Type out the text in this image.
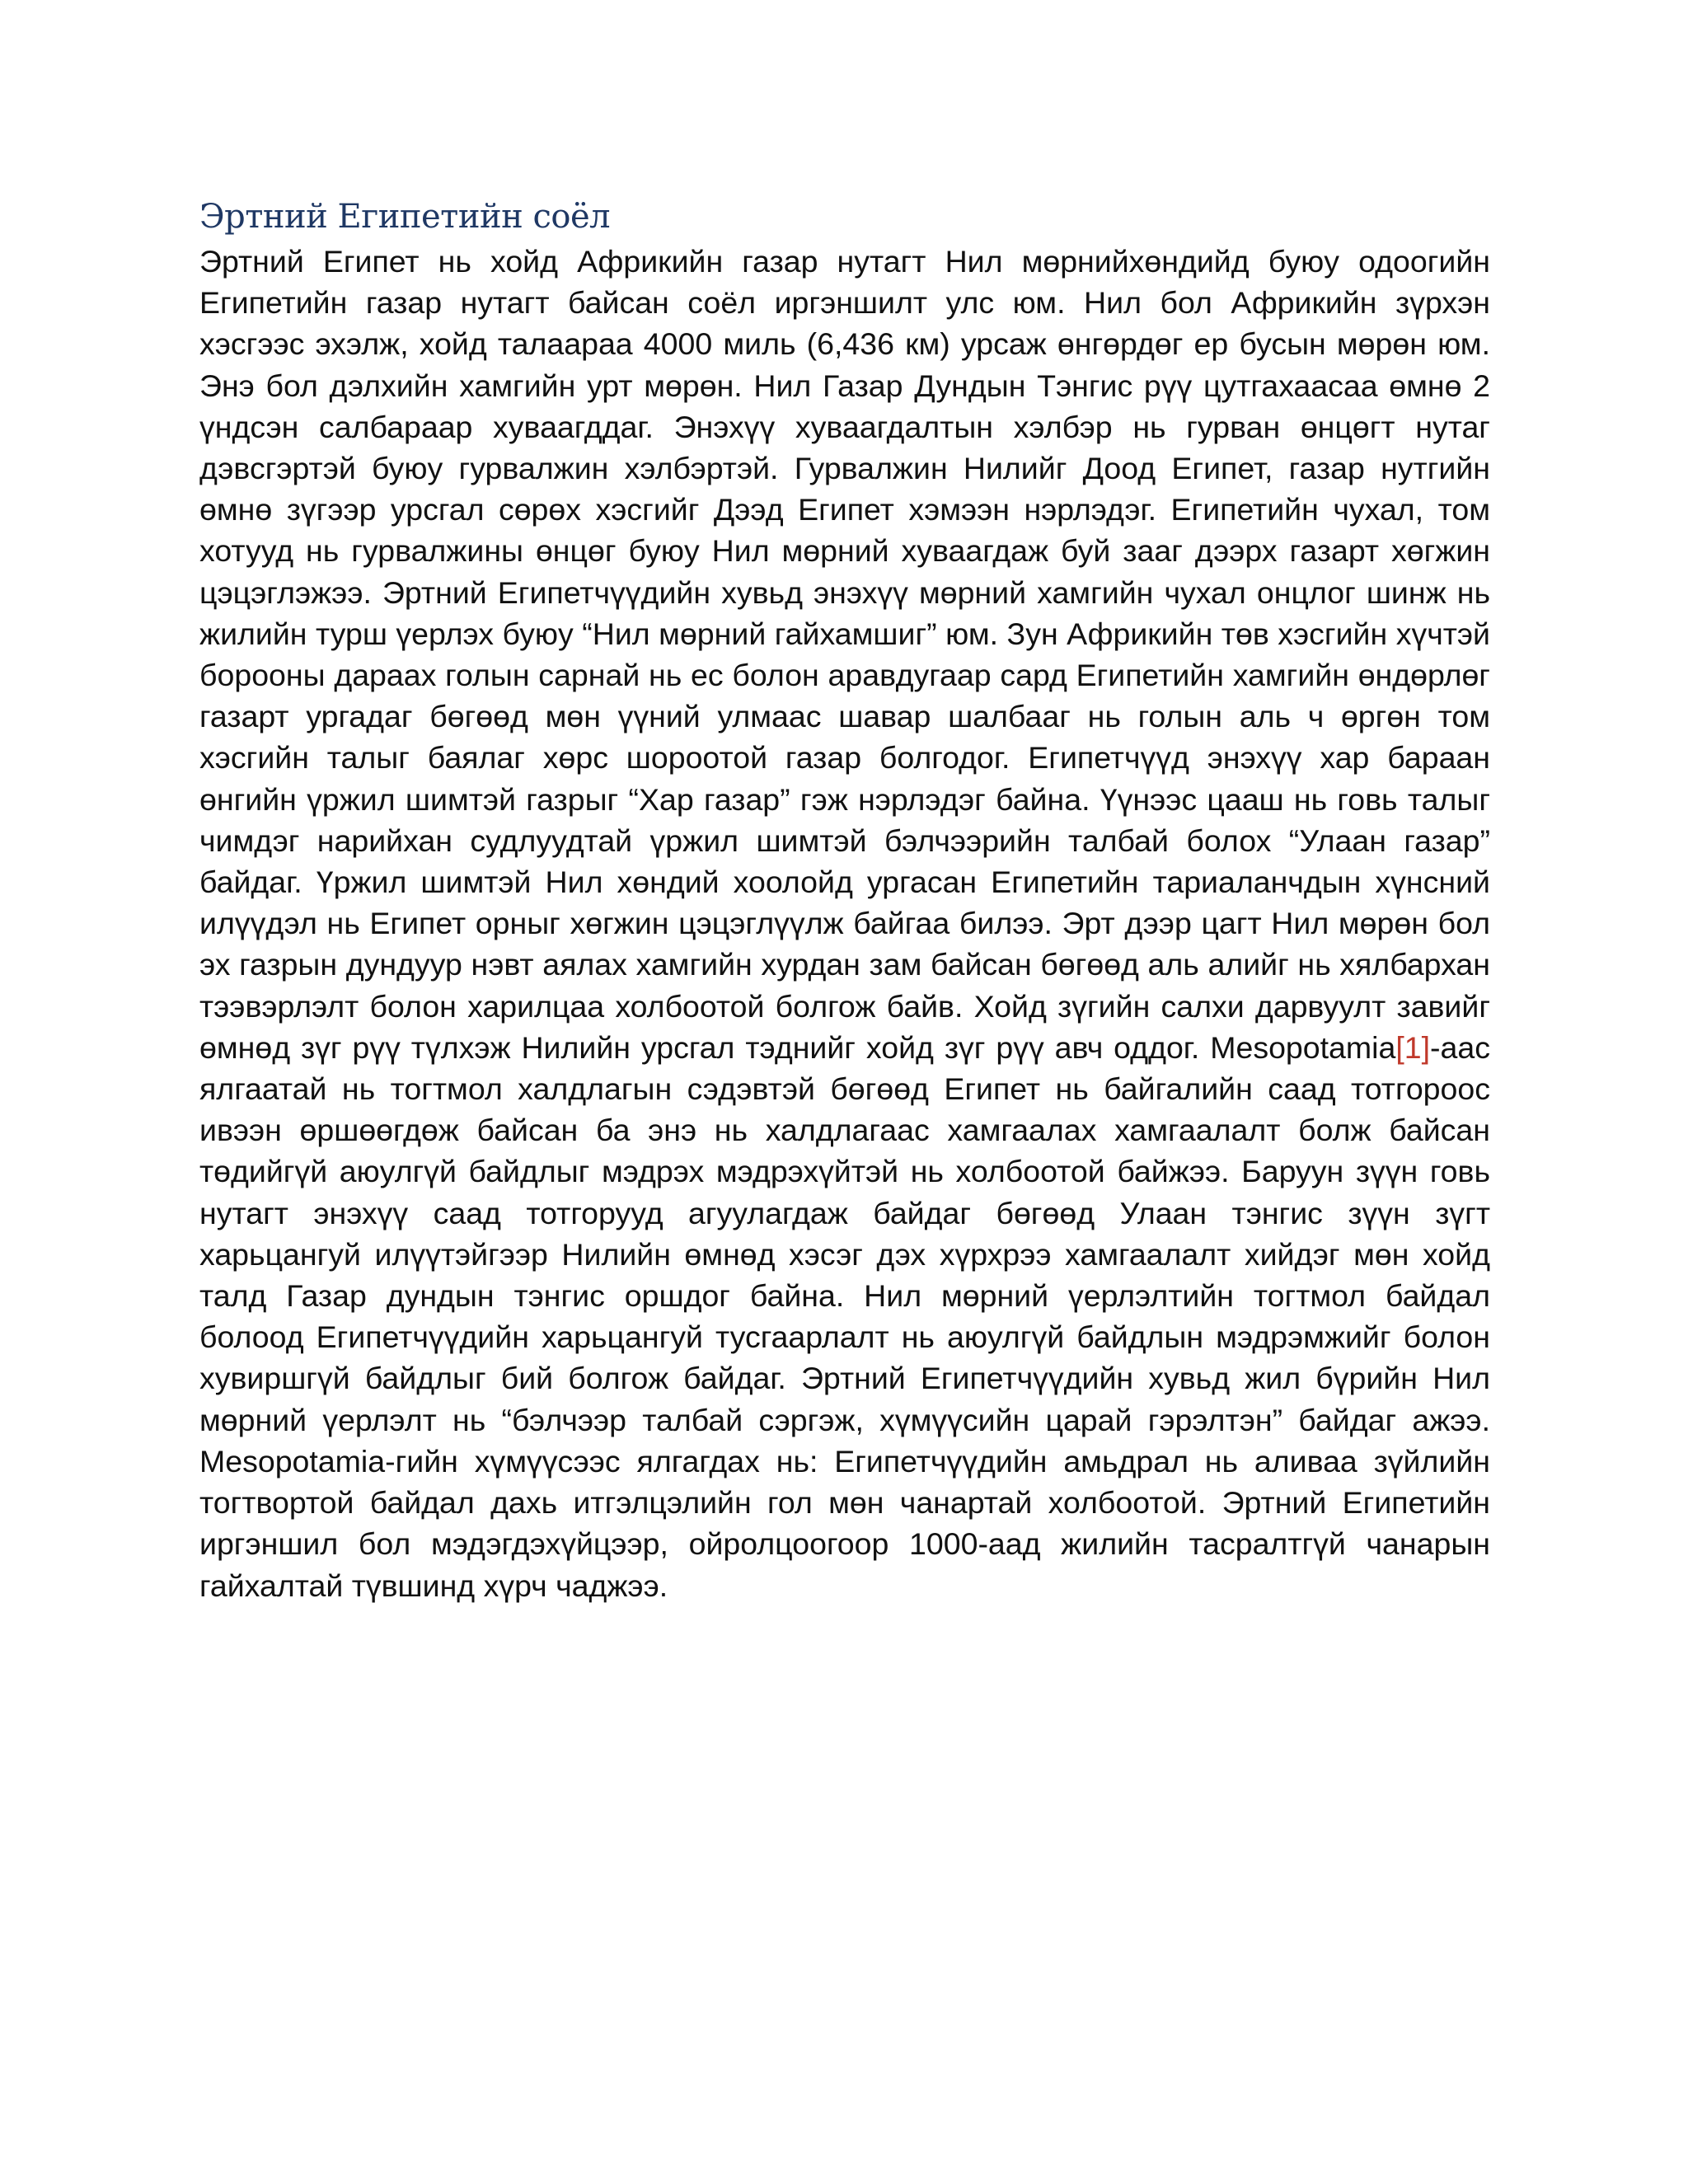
Эртний Египетийн соёл

Эртний Египет нь хойд Африкийн газар нутагт Нил мөрнийхөндийд буюу одоогийн Египетийн газар нутагт байсан соёл иргэншилт улс юм. Нил бол Африкийн зүрхэн хэсгээс эхэлж, хойд талаараа 4000 миль (6,436 км) урсаж өнгөрдөг ер бусын мөрөн юм. Энэ бол дэлхийн хамгийн урт мөрөн. Нил Газар Дундын Тэнгис рүү цутгахаасаа өмнө 2 үндсэн салбараар хуваагддаг. Энэхүү хуваагдалтын хэлбэр нь гурван өнцөгт нутаг дэвсгэртэй буюу гурвалжин хэлбэртэй. Гурвалжин Нилийг Доод Египет, газар нутгийн өмнө зүгээр урсгал сөрөх хэсгийг Дээд Египет хэмээн нэрлэдэг. Египетийн чухал, том хотууд нь гурвалжины өнцөг буюу Нил мөрний хуваагдаж буй зааг дээрх газарт хөгжин цэцэглэжээ. Эртний Египетчүүдийн хувьд энэхүү мөрний хамгийн чухал онцлог шинж нь жилийн турш үерлэх буюу “Нил мөрний гайхамшиг” юм. Зун Африкийн төв хэсгийн хүчтэй борооны дараах голын сарнай нь ес болон аравдугаар сард Египетийн хамгийн өндөрлөг газарт ургадаг бөгөөд мөн үүний улмаас шавар шалбааг нь голын аль ч өргөн том хэсгийн талыг баялаг хөрс шороотой газар болгодог. Египетчүүд энэхүү хар бараан өнгийн үржил шимтэй газрыг “Хар газар” гэж нэрлэдэг байна. Үүнээс цааш нь говь талыг чимдэг нарийхан судлуудтай үржил шимтэй бэлчээрийн талбай болох “Улаан газар” байдаг. Үржил шимтэй Нил хөндий хоолойд ургасан Египетийн тариаланчдын хүнсний илүүдэл нь Египет орныг хөгжин цэцэглүүлж байгаа билээ. Эрт дээр цагт Нил мөрөн бол эх газрын дундуур нэвт аялах хамгийн хурдан зам байсан бөгөөд аль алийг нь хялбархан тээвэрлэлт болон харилцаа холбоотой болгож байв. Хойд зүгийн салхи дарвуулт завийг өмнөд зүг рүү түлхэж Нилийн урсгал тэднийг хойд зүг рүү авч оддог. Mesopotamia[1]-аас ялгаатай нь тогтмол халдлагын сэдэвтэй бөгөөд Египет нь байгалийн саад тотгороос ивээн өршөөгдөж байсан ба энэ нь халдлагаас хамгаалах хамгаалалт болж байсан төдийгүй аюулгүй байдлыг мэдрэх мэдрэхүйтэй нь холбоотой байжээ. Баруун зүүн говь нутагт энэхүү саад тотгорууд агуулагдаж байдаг бөгөөд Улаан тэнгис зүүн зүгт харьцангуй илүүтэйгээр Нилийн өмнөд хэсэг дэх хүрхрээ хамгаалалт хийдэг мөн хойд талд Газар дундын тэнгис оршдог байна. Нил мөрний үерлэлтийн тогтмол байдал болоод Египетчүүдийн харьцангуй тусгаарлалт нь аюулгүй байдлын мэдрэмжийг болон хувиршгүй байдлыг бий болгож байдаг. Эртний Египетчүүдийн хувьд жил бүрийн Нил мөрний үерлэлт нь “бэлчээр талбай сэргэж, хүмүүсийн царай гэрэлтэн” байдаг ажээ. Mesopotamia-гийн хүмүүсээс ялгагдах нь: Египетчүүдийн амьдрал нь аливаа зүйлийн тогтвортой байдал дахь итгэлцэлийн гол мөн чанартай холбоотой. Эртний Египетийн иргэншил бол мэдэгдэхүйцээр, ойролцоогоор 1000-аад жилийн тасралтгүй чанарын гайхалтай түвшинд хүрч чаджээ.
